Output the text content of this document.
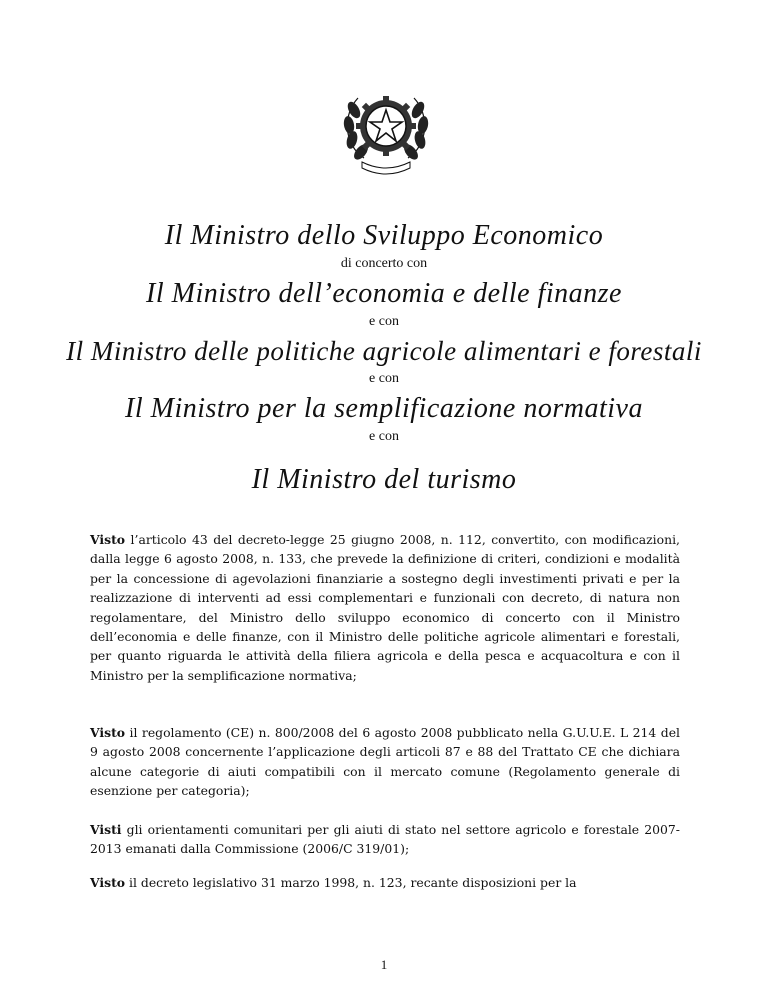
Il Ministro dello Sviluppo Economico
di concerto con
Il Ministro dell’economia e delle finanze
e con
Il Ministro delle politiche agricole alimentari e forestali
e con
Il Ministro per la semplificazione normativa
e con
Il Ministro del turismo

Visto l’articolo 43 del decreto-legge 25 giugno 2008, n. 112, convertito, con modificazioni, dalla legge 6 agosto 2008, n. 133, che prevede la definizione di criteri, condizioni e modalità per la concessione di agevolazioni finanziarie a sostegno degli investimenti privati e per la realizzazione di interventi ad essi complementari e funzionali con decreto, di natura non regolamentare, del Ministro dello sviluppo economico di concerto con il Ministro dell’economia e delle finanze, con il Ministro delle politiche agricole alimentari e forestali, per quanto riguarda le attività della filiera agricola e della pesca e acquacoltura e con il Ministro per la semplificazione normativa;

Visto il regolamento (CE) n. 800/2008 del 6 agosto 2008 pubblicato nella G.U.U.E. L 214 del 9 agosto 2008 concernente l’applicazione degli articoli 87 e 88 del Trattato CE che dichiara alcune categorie di aiuti compatibili con il mercato comune (Regolamento generale di esenzione per categoria);

Visti gli orientamenti comunitari per gli aiuti di stato nel settore agricolo e forestale 2007-2013 emanati dalla Commissione (2006/C 319/01);

Visto il decreto legislativo 31 marzo 1998, n. 123, recante disposizioni per la

1
